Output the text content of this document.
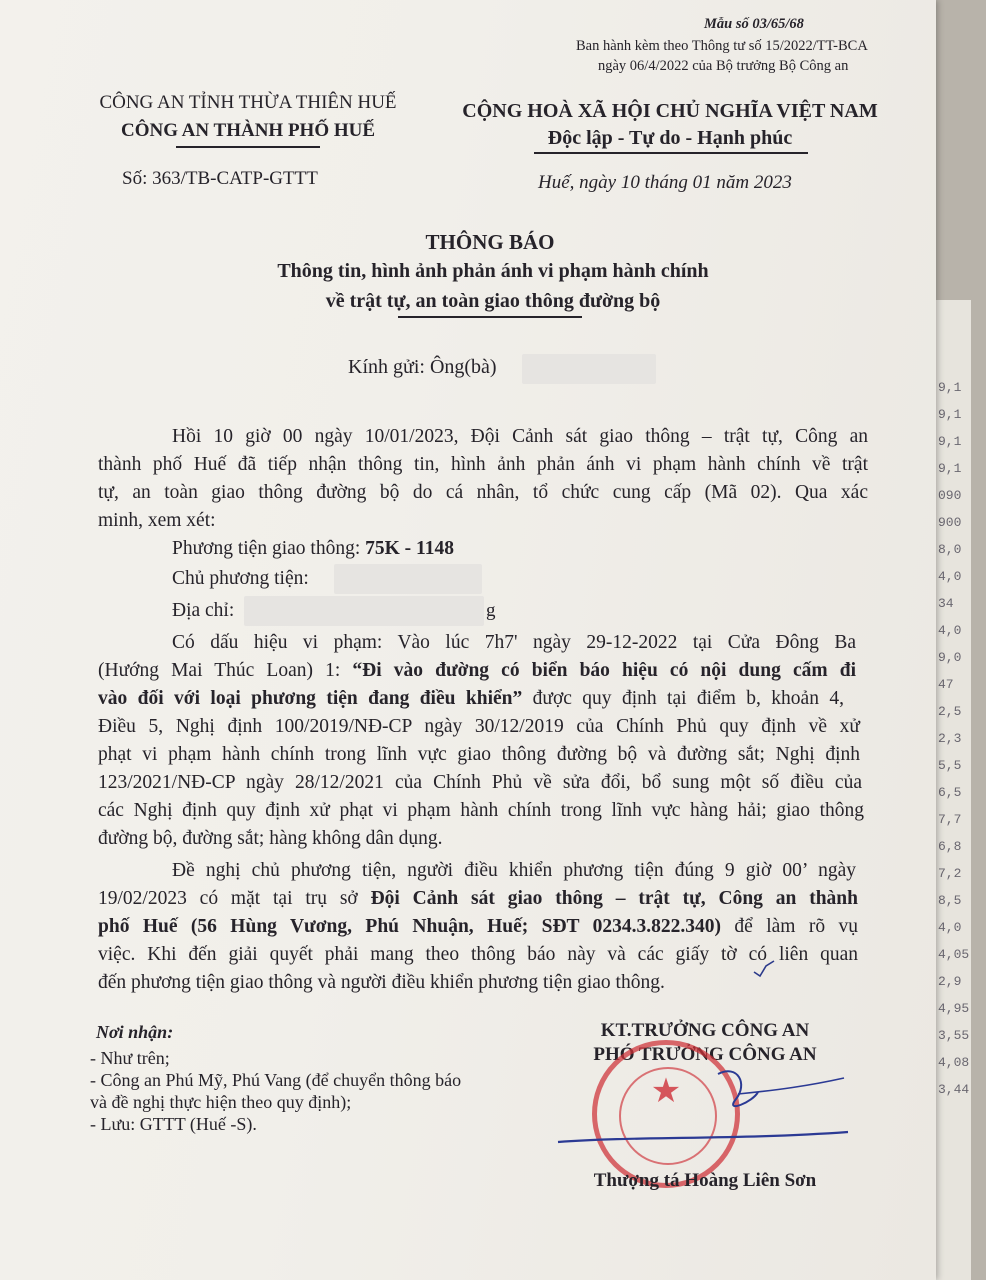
9,1
9,1
9,1
9,1
090
900
8,0
4,0
34
4,0
9,0
47
2,5
2,3
5,5
6,5
7,7
6,8
7,2
8,5
4,0
4,05
2,9
4,95
3,55
4,08
3,44
Mẫu số 03/65/68
Ban hành kèm theo Thông tư số 15/2022/TT-BCA
ngày 06/4/2022 của Bộ trưởng Bộ Công an
CÔNG AN TỈNH THỪA THIÊN HUẾ
CÔNG AN THÀNH PHỐ HUẾ
Số: 363/TB-CATP-GTTT
CỘNG HOÀ XÃ HỘI CHỦ NGHĨA VIỆT NAM
Độc lập - Tự do - Hạnh phúc
Huế, ngày 10 tháng 01 năm 2023
THÔNG BÁO
Thông tin, hình ảnh phản ánh vi phạm hành chính
về trật tự, an toàn giao thông đường bộ
Kính gửi: Ông(bà)
Hồi 10 giờ 00 ngày 10/01/2023, Đội Cảnh sát giao thông – trật tự, Công an
thành phố Huế đã tiếp nhận thông tin, hình ảnh phản ánh vi phạm hành chính về trật
tự, an toàn giao thông đường bộ do cá nhân, tổ chức cung cấp (Mã 02). Qua xác
minh, xem xét:
Phương tiện giao thông: 75K - 1148
Chủ phương tiện:
Địa chỉ:	g
Có dấu hiệu vi phạm: Vào lúc 7h7' ngày 29-12-2022 tại Cửa Đông Ba
(Hướng Mai Thúc Loan) 1: “Đi vào đường có biển báo hiệu có nội dung cấm đi
vào đối với loại phương tiện đang điều khiển” được quy định tại điểm b, khoản 4,
Điều 5, Nghị định 100/2019/NĐ-CP ngày 30/12/2019 của Chính Phủ quy định về xử
phạt vi phạm hành chính trong lĩnh vực giao thông đường bộ và đường sắt; Nghị định
123/2021/NĐ-CP ngày 28/12/2021 của Chính Phủ về sửa đổi, bổ sung một số điều của
các Nghị định quy định xử phạt vi phạm hành chính trong lĩnh vực hàng hải; giao thông
đường bộ, đường sắt; hàng không dân dụng.
Đề nghị chủ phương tiện, người điều khiển phương tiện đúng 9 giờ 00’ ngày
19/02/2023 có mặt tại trụ sở Đội Cảnh sát giao thông – trật tự, Công an thành
phố Huế (56 Hùng Vương, Phú Nhuận, Huế; SĐT 0234.3.822.340) để làm rõ vụ
việc. Khi đến giải quyết phải mang theo thông báo này và các giấy tờ có liên quan
đến phương tiện giao thông và người điều khiển phương tiện giao thông.
Nơi nhận:
- Như trên;
- Công an Phú Mỹ, Phú Vang (để chuyển thông báo
và đề nghị thực hiện theo quy định);
- Lưu: GTTT (Huế -S).
KT.TRƯỞNG CÔNG AN
PHÓ TRƯỞNG CÔNG AN
★
Thượng tá Hoàng Liên Sơn
